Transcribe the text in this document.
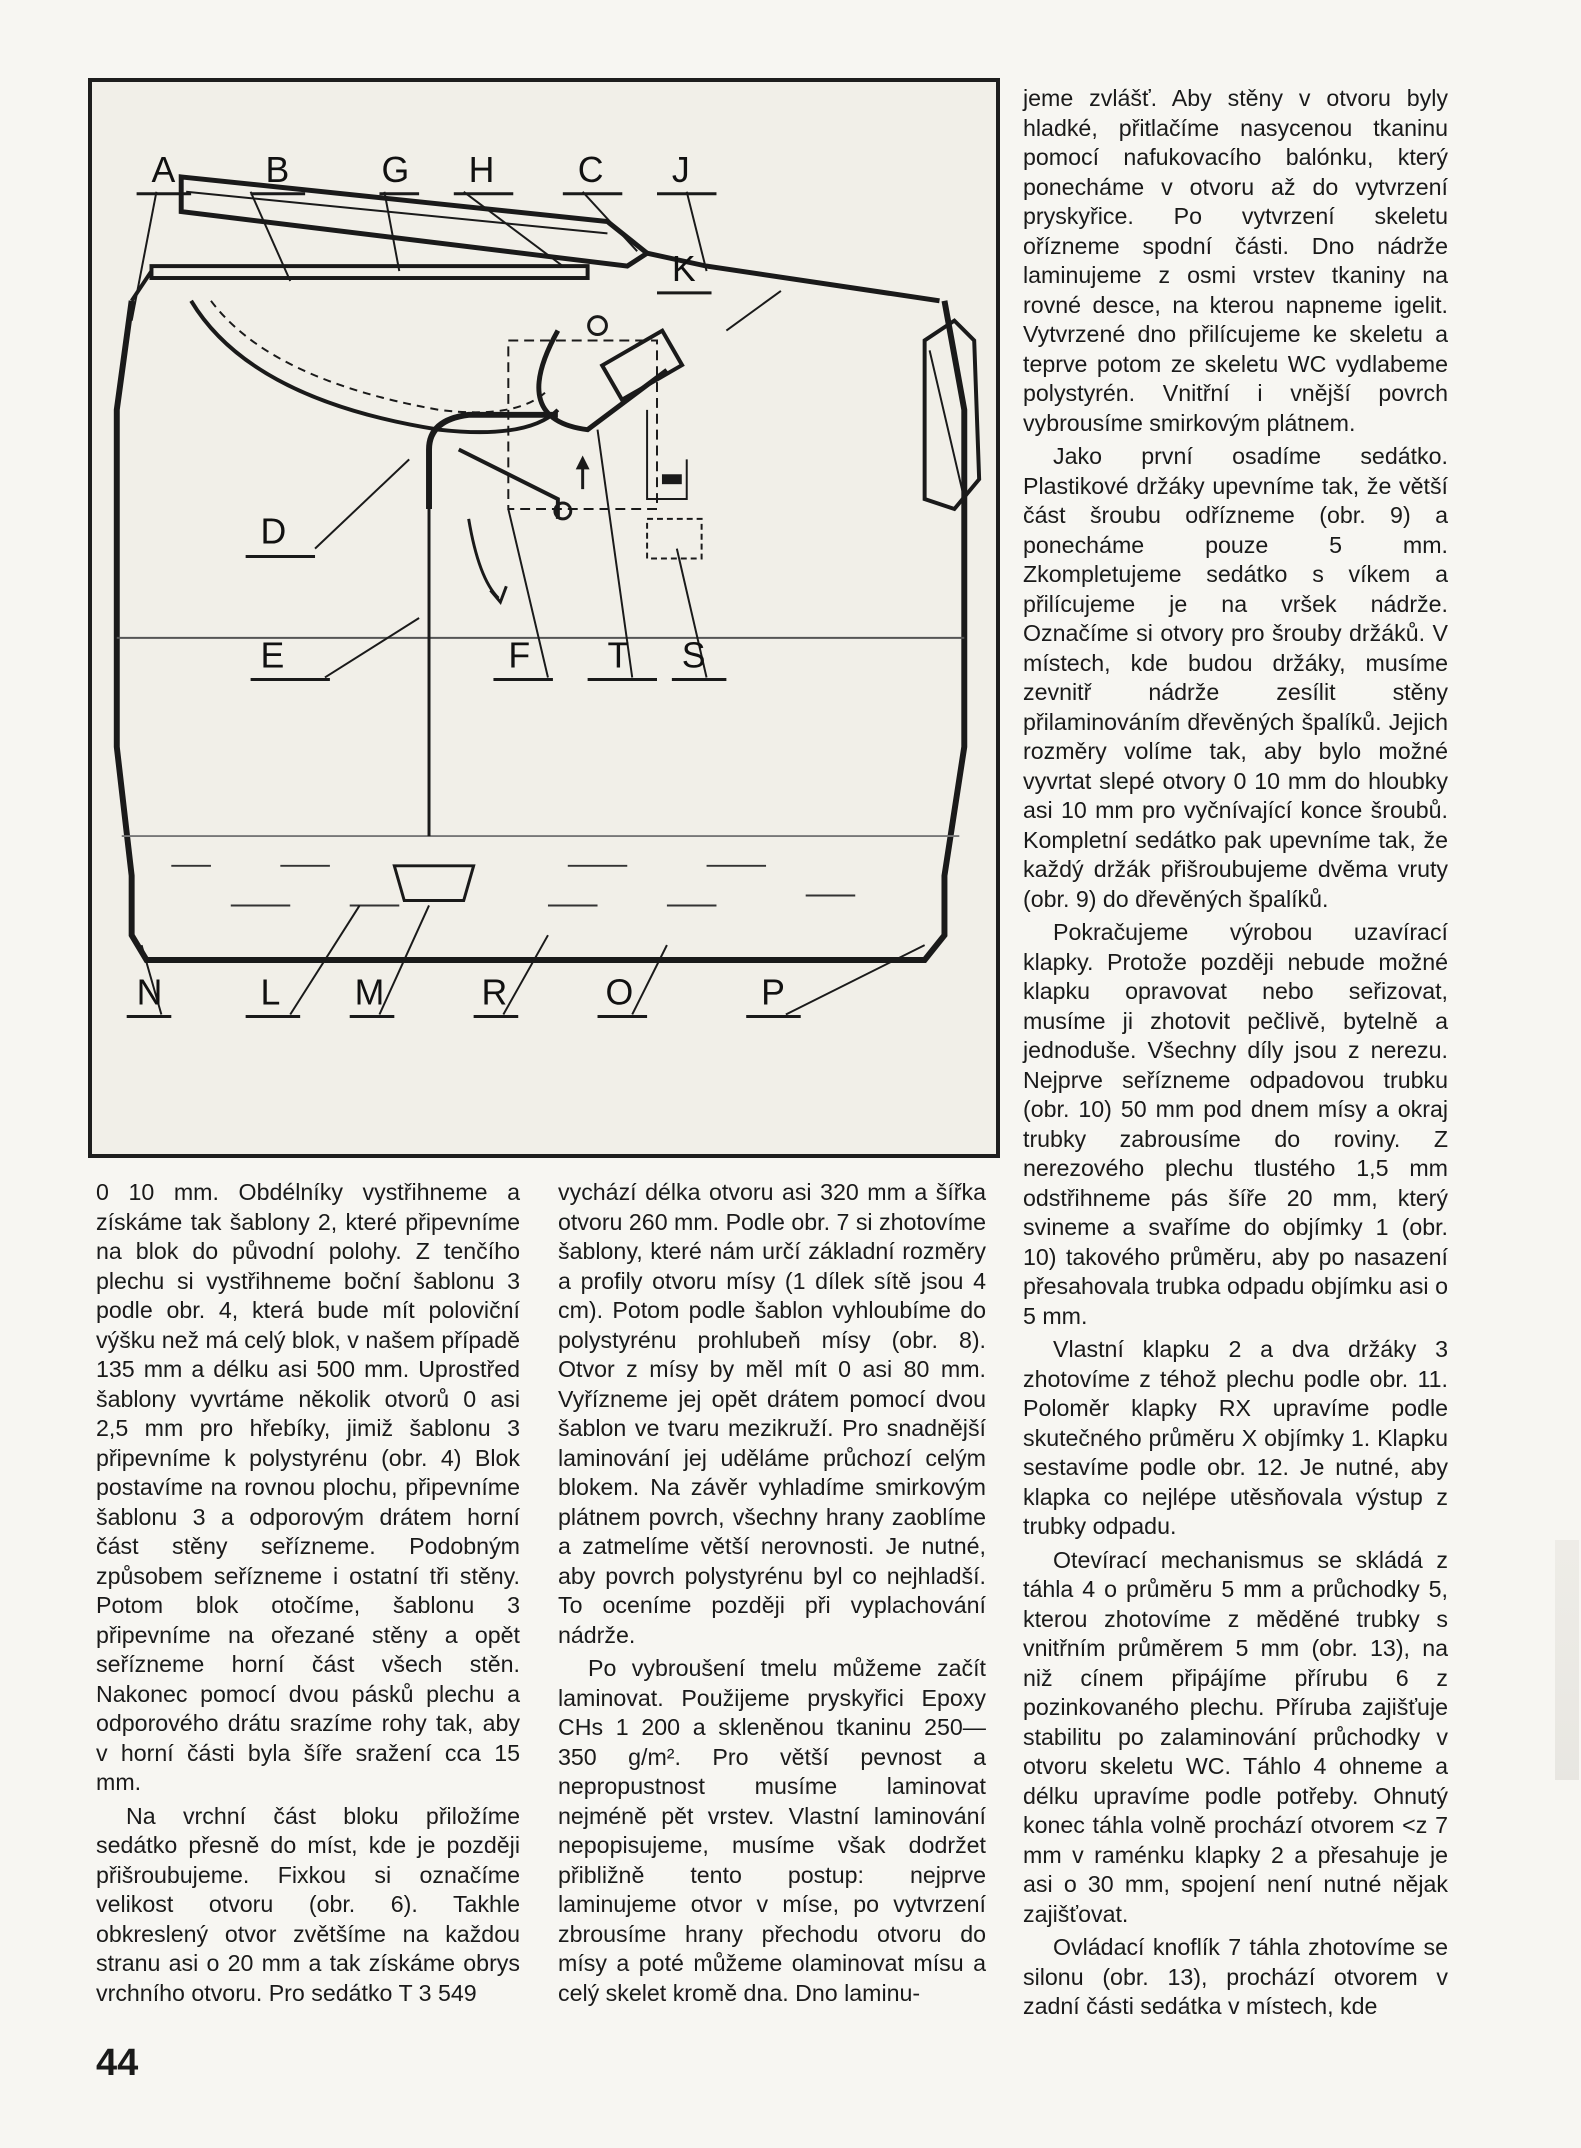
A	B	G H C J
K
D
E	F T S
N	L M	R	O	P

0 10 mm. Obdélníky vystřihneme a získáme tak šablony 2, které připevníme na blok do původní polohy. Z tenčího plechu si vystřihneme boční šablonu 3 podle obr. 4, která bude mít poloviční výšku než má celý blok, v našem případě 135 mm a délku asi 500 mm. Uprostřed šablony vyvrtáme několik otvorů 0 asi 2,5 mm pro hřebíky, jimiž šablonu 3 připevníme k polystyrénu (obr. 4) Blok postavíme na rovnou plochu, připevníme šablonu 3 a odporovým drátem horní část stěny seřízneme. Podobným způsobem seřízneme i ostatní tři stěny. Potom blok otočíme, šablonu 3 připevníme na ořezané stěny a opět seřízneme horní část všech stěn. Nakonec pomocí dvou pásků plechu a odporového drátu srazíme rohy tak, aby v horní části byla šíře sražení cca 15 mm.

Na vrchní část bloku přiložíme sedátko přesně do míst, kde je později přišroubujeme. Fixkou si označíme velikost otvoru (obr. 6). Takhle obkreslený otvor zvětšíme na každou stranu asi o 20 mm a tak získáme obrys vrchního otvoru. Pro sedátko T 3 549

vychází délka otvoru asi 320 mm a šířka otvoru 260 mm. Podle obr. 7 si zhotovíme šablony, které nám určí základní rozměry a profily otvoru mísy (1 dílek sítě jsou 4 cm). Potom podle šablon vyhloubíme do polystyrénu prohlubeň mísy (obr. 8). Otvor z mísy by měl mít 0 asi 80 mm. Vyřízneme jej opět drátem pomocí dvou šablon ve tvaru mezikruží. Pro snadnější laminování jej uděláme průchozí celým blokem. Na závěr vyhladíme smirkovým plátnem povrch, všechny hrany zaoblíme a zatmelíme větší nerovnosti. Je nutné, aby povrch polystyrénu byl co nejhladší. To oceníme později při vyplachování nádrže.

Po vybroušení tmelu můžeme začít laminovat. Použijeme pryskyřici Epoxy CHs 1 200 a skleněnou tkaninu 250—350 g/m². Pro větší pevnost a nepropustnost musíme laminovat nejméně pět vrstev. Vlastní laminování nepopisujeme, musíme však dodržet přibližně tento postup: nejprve laminujeme otvor v míse, po vytvrzení zbrousíme hrany přechodu otvoru do mísy a poté můžeme olaminovat mísu a celý skelet kromě dna. Dno laminu-

jeme zvlášť. Aby stěny v otvoru byly hladké, přitlačíme nasycenou tkaninu pomocí nafukovacího balónku, který ponecháme v otvoru až do vytvrzení pryskyřice. Po vytvrzení skeletu ořízneme spodní části. Dno nádrže laminujeme z osmi vrstev tkaniny na rovné desce, na kterou napneme igelit. Vytvrzené dno přilícujeme ke skeletu a teprve potom ze skeletu WC vydlabeme polystyrén. Vnitřní i vnější povrch vybrousíme smirkovým plátnem.

Jako první osadíme sedátko. Plastikové držáky upevníme tak, že větší část šroubu odřízneme (obr. 9) a ponecháme pouze 5 mm. Zkompletujeme sedátko s víkem a přilícujeme je na vršek nádrže. Označíme si otvory pro šrouby držáků. V místech, kde budou držáky, musíme zevnitř nádrže zesílit stěny přilaminováním dřevěných špalíků. Jejich rozměry volíme tak, aby bylo možné vyvrtat slepé otvory 0 10 mm do hloubky asi 10 mm pro vyčnívající konce šroubů. Kompletní sedátko pak upevníme tak, že každý držák přišroubujeme dvěma vruty (obr. 9) do dřevěných špalíků.

Pokračujeme výrobou uzavírací klapky. Protože později nebude možné klapku opravovat nebo seřizovat, musíme ji zhotovit pečlivě, bytelně a jednoduše. Všechny díly jsou z nerezu. Nejprve seřízneme odpadovou trubku (obr. 10) 50 mm pod dnem mísy a okraj trubky zabrousíme do roviny. Z nerezového plechu tlustého 1,5 mm odstřihneme pás šíře 20 mm, který svineme a svaříme do objímky 1 (obr. 10) takového průměru, aby po nasazení přesahovala trubka odpadu objímku asi o 5 mm.

Vlastní klapku 2 a dva držáky 3 zhotovíme z téhož plechu podle obr. 11. Poloměr klapky RX upravíme podle skutečného průměru X objímky 1. Klapku sestavíme podle obr. 12. Je nutné, aby klapka co nejlépe utěsňovala výstup z trubky odpadu.

Otevírací mechanismus se skládá z táhla 4 o průměru 5 mm a průchodky 5, kterou zhotovíme z měděné trubky s vnitřním průměrem 5 mm (obr. 13), na niž cínem připájíme přírubu 6 z pozinkovaného plechu. Příruba zajišťuje stabilitu po zalaminování průchodky v otvoru skeletu WC. Táhlo 4 ohneme a délku upravíme podle potřeby. Ohnutý konec táhla volně prochází otvorem <z 7 mm v raménku klapky 2 a přesahuje je asi o 30 mm, spojení není nutné nějak zajišťovat.

Ovládací knoflík 7 táhla zhotovíme se silonu (obr. 13), prochází otvorem v zadní části sedátka v místech, kde

44
